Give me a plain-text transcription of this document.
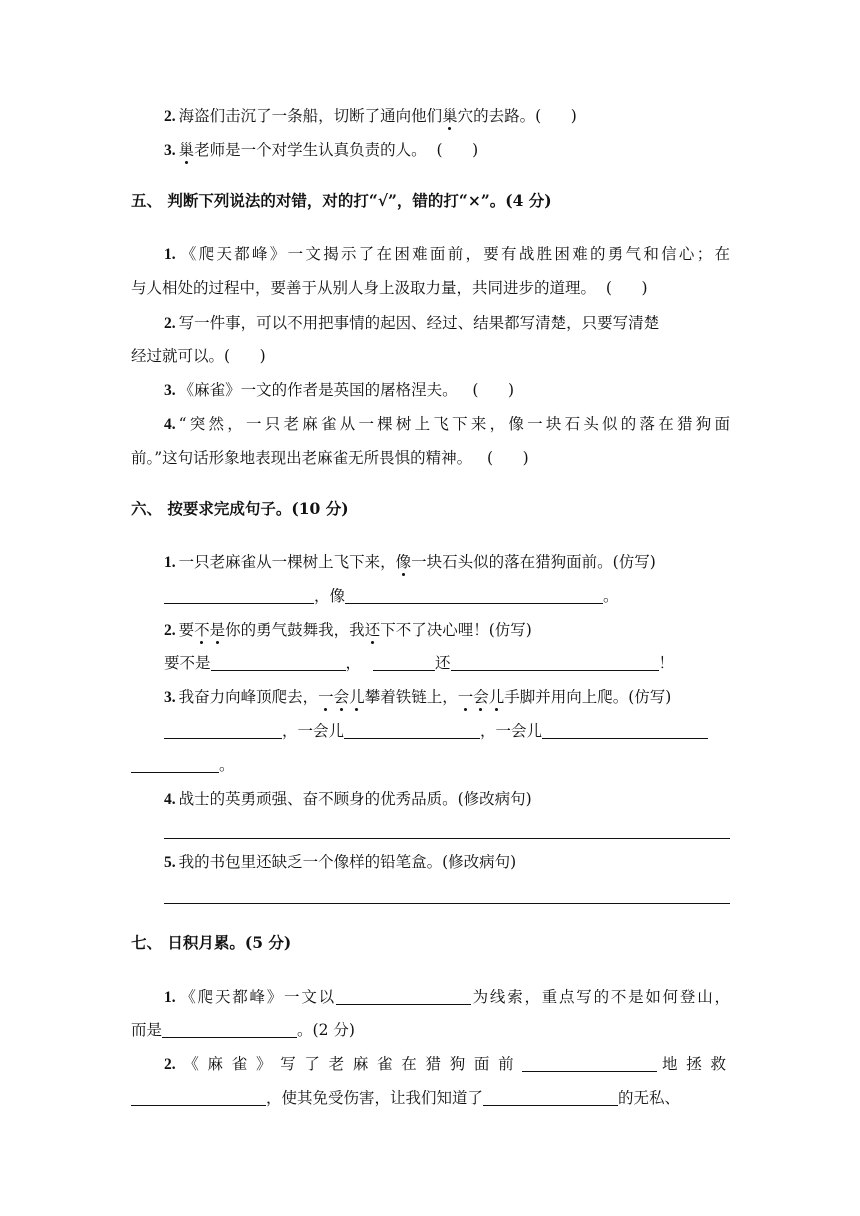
2. 海盗们击沉了一条船，切断了通向他们巢穴的去路。(      )
3. 巢老师是一个对学生认真负责的人。  (      )
五、 判断下列说法的对错，对的打“√”，错的打“×”。(4 分)
1. 《爬天都峰》一文揭示了在困难面前，要有战胜困难的勇气和信心；在
与人相处的过程中，要善于从别人身上汲取力量，共同进步的道理。  (      )
2. 写一件事，可以不用把事情的起因、经过、结果都写清楚，只要写清楚
经过就可以。(      )
3. 《麻雀》一文的作者是英国的屠格涅夫。   (      )
4. “突然，一只老麻雀从一棵树上飞下来，像一块石头似的落在猎狗面
前。”这句话形象地表现出老麻雀无所畏惧的精神。   (      )
六、 按要求完成句子。(10 分)
1. 一只老麻雀从一棵树上飞下来，像一块石头似的落在猎狗面前。(仿写)
，像	。
2. 要不是你的勇气鼓舞我，我还下不了决心哩！(仿写)
要不是	，	还	！
3. 我奋力向峰顶爬去，一会儿攀着铁链上，一会儿手脚并用向上爬。(仿写)
，一会儿	，一会儿
。
4. 战士的英勇顽强、奋不顾身的优秀品质。(修改病句)
5. 我的书包里还缺乏一个像样的铅笔盒。(修改病句)
七、 日积月累。(5 分)
1. 《爬天都峰》一文以	为线索，重点写的不是如何登山，
而是	。(2 分)
2. 《麻雀》写了老麻雀在猎狗面前	地拯救
，使其免受伤害，让我们知道了	的无私、
